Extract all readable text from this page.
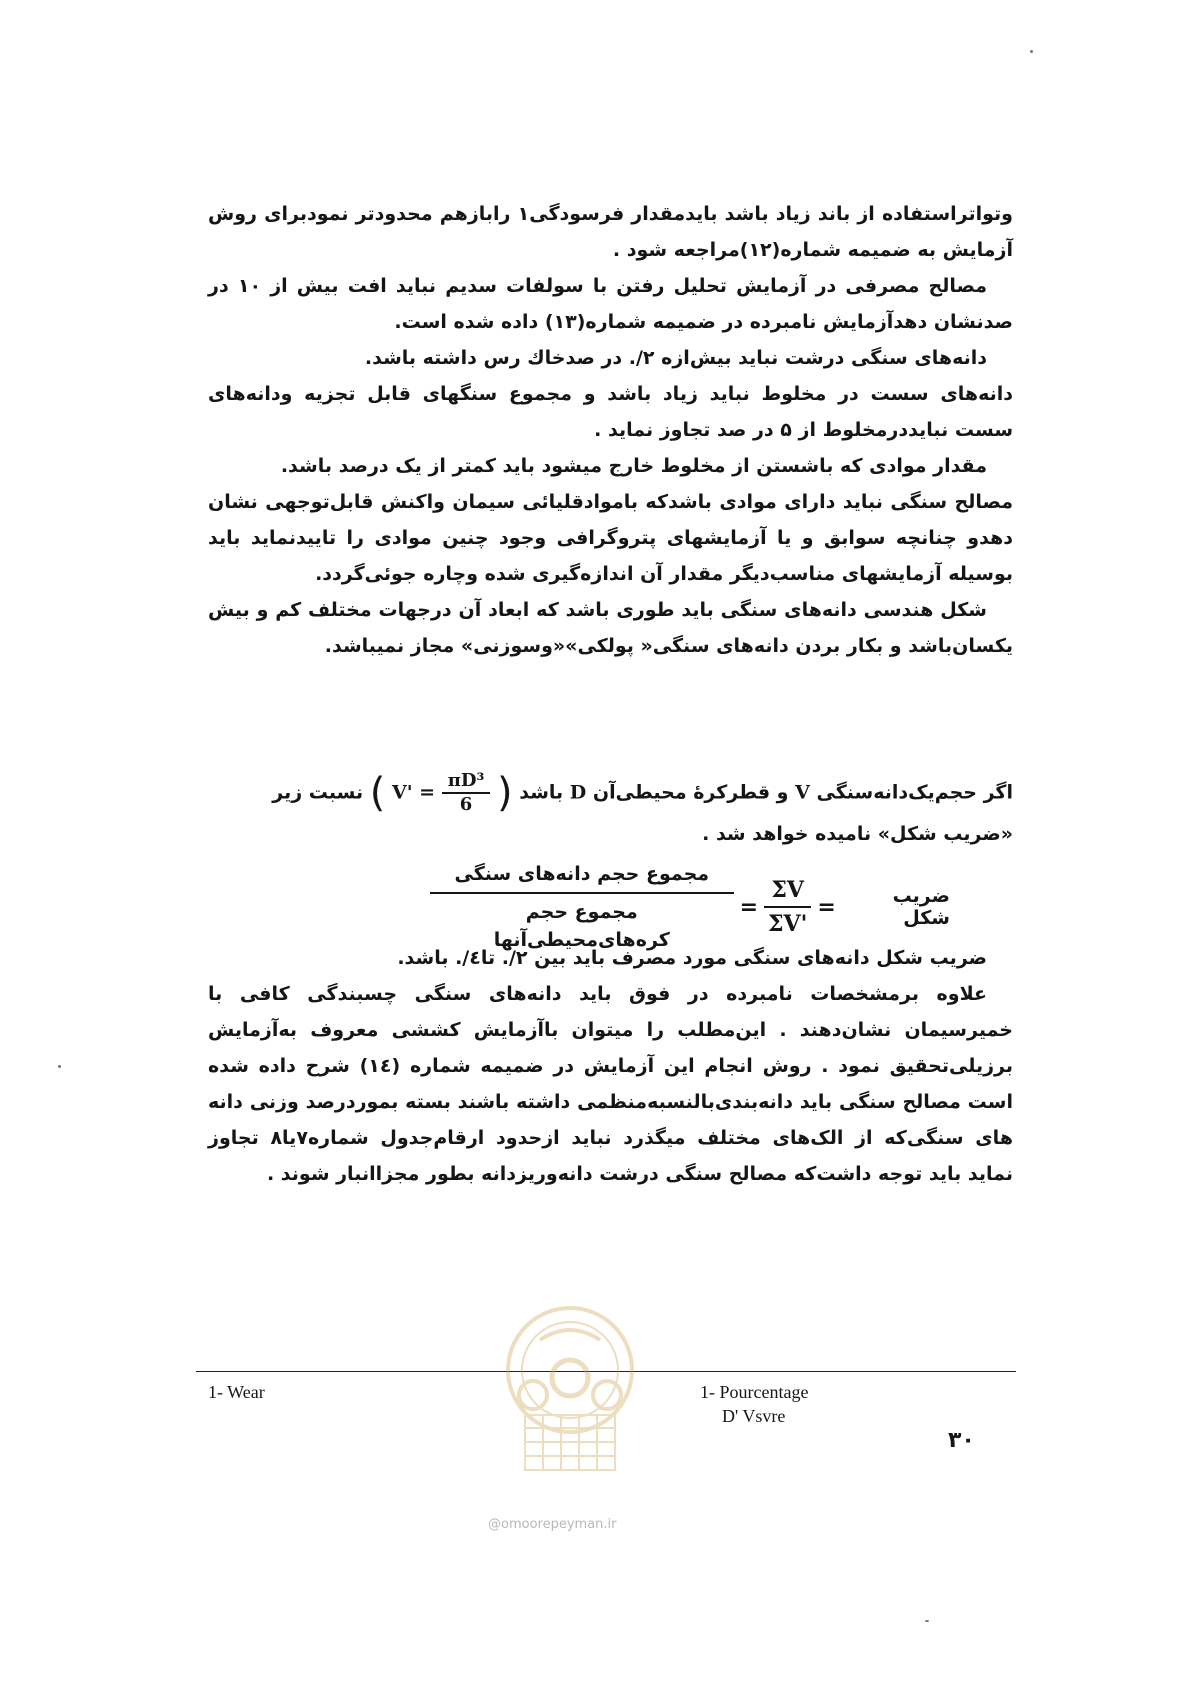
وتواتراستفاده از باند زیاد باشد بایدمقدار فرسودگی۱ رابازهم محدودتر نمودبرای روش آزمایش به ضمیمه شماره(۱۲)مراجعه شود .

مصالح مصرفی در آزمایش تحلیل رفتن با سولفات سدیم نباید افت بیش از ۱۰ در صدنشان دهدآزمایش نامبرده در ضمیمه شماره(۱۳) داده شده است.

دانه‌های سنگی درشت نباید بیش‌ازه ۲/. در صدخاك رس داشته باشد.

دانه‌های سست در مخلوط نباید زیاد باشد و مجموع سنگهای قابل تجزیه ودانه‌های سست نبایددرمخلوط از ۵ در صد تجاوز نماید .

مقدار موادی که باشستن از مخلوط خارج میشود باید کمتر از یک درصد باشد.

مصالح سنگی نباید دارای موادی باشدکه باموادقلیائی سیمان واکنش قابل‌توجهی نشان دهدو چنانچه سوابق و یا آزمایشهای پتروگرافی وجود چنین موادی را تاییدنماید باید بوسیله آزمایشهای مناسب‌دیگر مقدار آن اندازه‌گیری شده وچاره جوئی‌گردد.

شکل هندسی دانه‌های سنگی باید طوری باشد که ابعاد آن درجهات مختلف کم و بیش یکسان‌باشد و بکار بردن دانه‌های سنگی« پولکی»«وسوزنی» مجاز نمیباشد.

اگر حجم‌یک‌دانه‌سنگی V و قطرکرهٔ محیطی‌آن D باشد ( $V' = \frac{\text{πD³}}{6}$
) نسبت زیر
«ضریب شکل» نامیده خواهد شد .
ضریب شکل
=
$\frac{\Sigma V}{\Sigma V'}$
=
$\frac{\text{مجموع حجم دانه‌های سنگی}}{\text{مجموع حجم کره‌های‌محیطی‌آنها}}$

ضریب شکل دانه‌های سنگی مورد مصرف باید بین ۲/. تا٤/. باشد.

علاوه برمشخصات نامبرده در فوق باید دانه‌های سنگی چسبندگی کافی با خمیرسیمان نشان‌دهند . این‌مطلب را میتوان باآزمایش کششی معروف به‌آزمایش برزیلی‌تحقیق نمود . روش انجام این آزمایش در ضمیمه شماره (١٤) شرح داده شده است مصالح سنگی باید دانه‌بندی‌بالنسبه‌منظمی داشته باشند بسته بموردرصد وزنی دانه های سنگی‌که از الک‌های مختلف میگذرد نباید ازحدود ارقام‌جدول شماره۷یا۸ تجاوز نماید باید توجه داشت‌که مصالح سنگی درشت دانه‌وریزدانه بطور مجزاانبار شوند .

1- Wear	1- Pourcentage
D' Vsvre
۳۰
@omoorepeyman.ir
